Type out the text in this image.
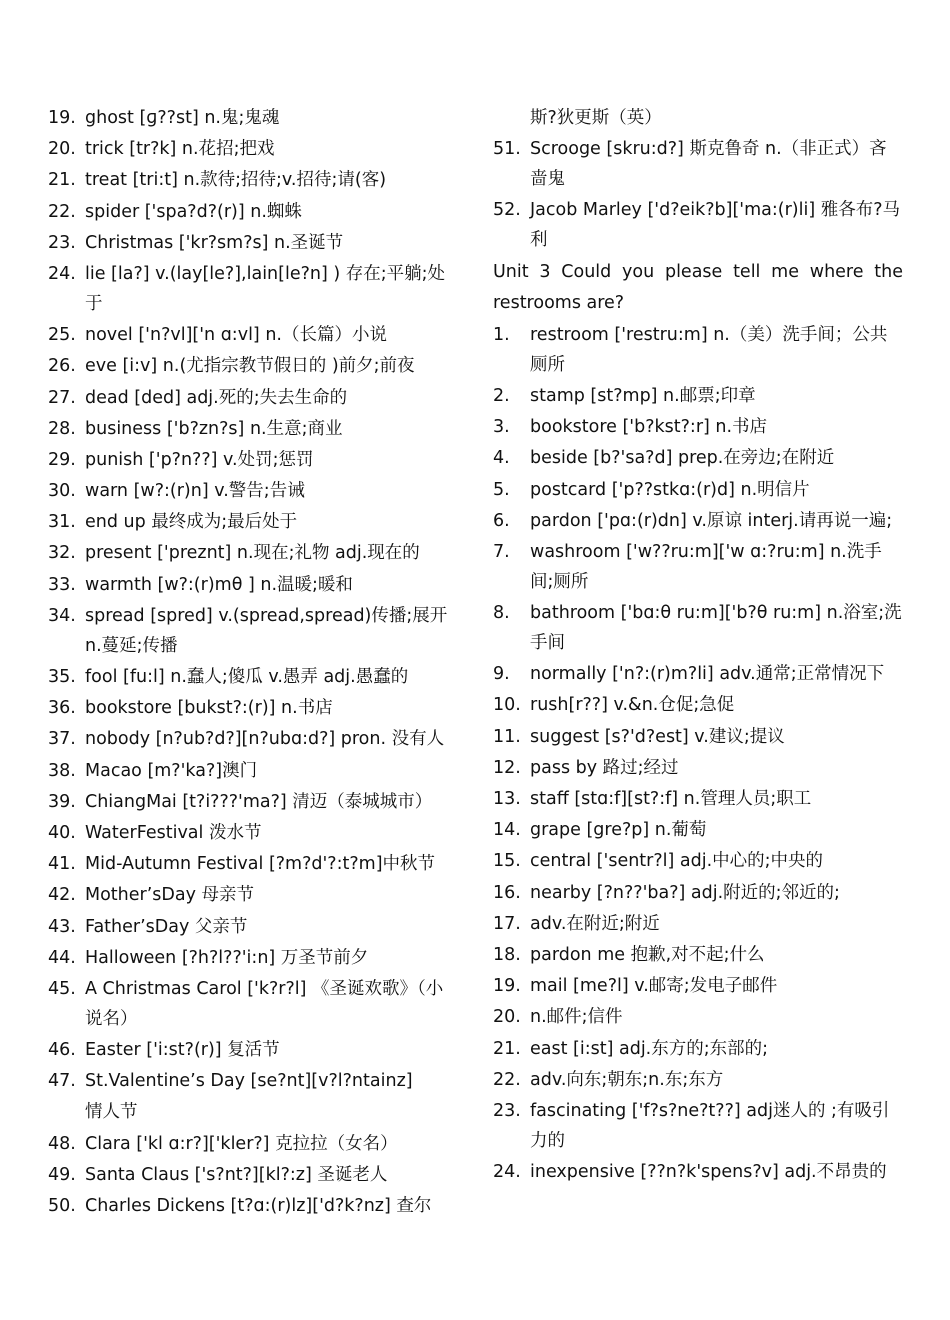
19. ghost [ɡ??st] n.鬼;鬼魂
20. trick [tr?k] n.花招;把戏
21. treat [tri:t] n.款待;招待;v.招待;请(客)
22. spider ['spa?d?(r)] n.蜘蛛
23. Christmas ['kr?sm?s] n.圣诞节
24. lie [la?] v.(lay[le?],lain[le?n] ) 存在;平躺;处于
25. novel ['n?vl]['n ɑ:vl] n.（长篇）小说
26. eve [i:v] n.(尤指宗教节假日的 )前夕;前夜
27. dead [ded] adj.死的;失去生命的
28. business ['b?zn?s] n.生意;商业
29. punish ['p?n??] v.处罚;惩罚
30. warn [w?:(r)n] v.警告;告诫
31. end up 最终成为;最后处于
32. present ['preznt] n.现在;礼物 adj.现在的
33. warmth [w?:(r)mθ ] n.温暖;暖和
34. spread [spred] v.(spread,spread)传播;展开 n.蔓延;传播
35. fool [fu:l] n.蠢人;傻瓜 v.愚弄 adj.愚蠢的
36. bookstore [bukst?:(r)] n.书店
37. nobody [n?ub?d?][n?ubɑ:d?] pron. 没有人
38. Macao [m?'ka?]澳门
39. ChiangMai [t?i???'ma?] 清迈（泰城城市）
40. WaterFestival 泼水节
41. Mid-Autumn Festival [?m?d'?:t?m]中秋节
42. Mother’sDay 母亲节
43. Father’sDay 父亲节
44. Halloween [?h?l??'i:n] 万圣节前夕
45. A Christmas Carol ['k?r?l] 《圣诞欢歌》（小说名）
46. Easter ['i:st?(r)] 复活节
47. St.Valentine’s Day [se?nt][v?l?ntainz]
情人节
48. Clara ['kl ɑ:r?]['kler?] 克拉拉（女名）
49. Santa Claus ['s?nt?][kl?:z] 圣诞老人
50. Charles Dickens [t?ɑ:(r)lz]['d?k?nz] 查尔
斯?狄更斯（英）
51. Scrooge [skru:d?] 斯克鲁奇 n.（非正式）吝啬鬼
52. Jacob Marley ['d?eik?b]['ma:(r)li] 雅各布?马利
Unit 3 Could you please tell me where the restrooms are?
1.	restroom ['restru:m] n.（美）洗手间；公共厕所
2.	stamp [st?mp] n.邮票;印章
3.	bookstore ['b?kst?:r] n.书店
4.	beside [b?'sa?d] prep.在旁边;在附近
5.	postcard ['p??stkɑ:(r)d] n.明信片
6.	pardon ['pɑ:(r)dn] v.原谅 interj.请再说一遍;
7.	washroom ['w??ru:m]['w ɑ:?ru:m] n.洗手间;厕所
8.	bathroom ['bɑ:θ ru:m]['b?θ ru:m] n.浴室;洗手间
9.	normally ['n?:(r)m?li] adv.通常;正常情况下
10. rush[r??] v.&n.仓促;急促
11. suggest [s?'d?est] v.建议;提议
12. pass by 路过;经过
13. staff [stɑ:f][st?:f] n.管理人员;职工
14. grape [gre?p] n.葡萄
15. central ['sentr?l] adj.中心的;中央的
16. nearby [?n??'ba?] adj.附近的;邻近的;
17. adv.在附近;附近
18. pardon me 抱歉,对不起;什么
19. mail [me?l] v.邮寄;发电子邮件
20. n.邮件;信件
21. east [i:st] adj.东方的;东部的;
22. adv.向东;朝东;n.东;东方
23. fascinating ['f?s?ne?t??] adj迷人的 ;有吸引力的
24. inexpensive [??n?k'spens?v] adj.不昂贵的
